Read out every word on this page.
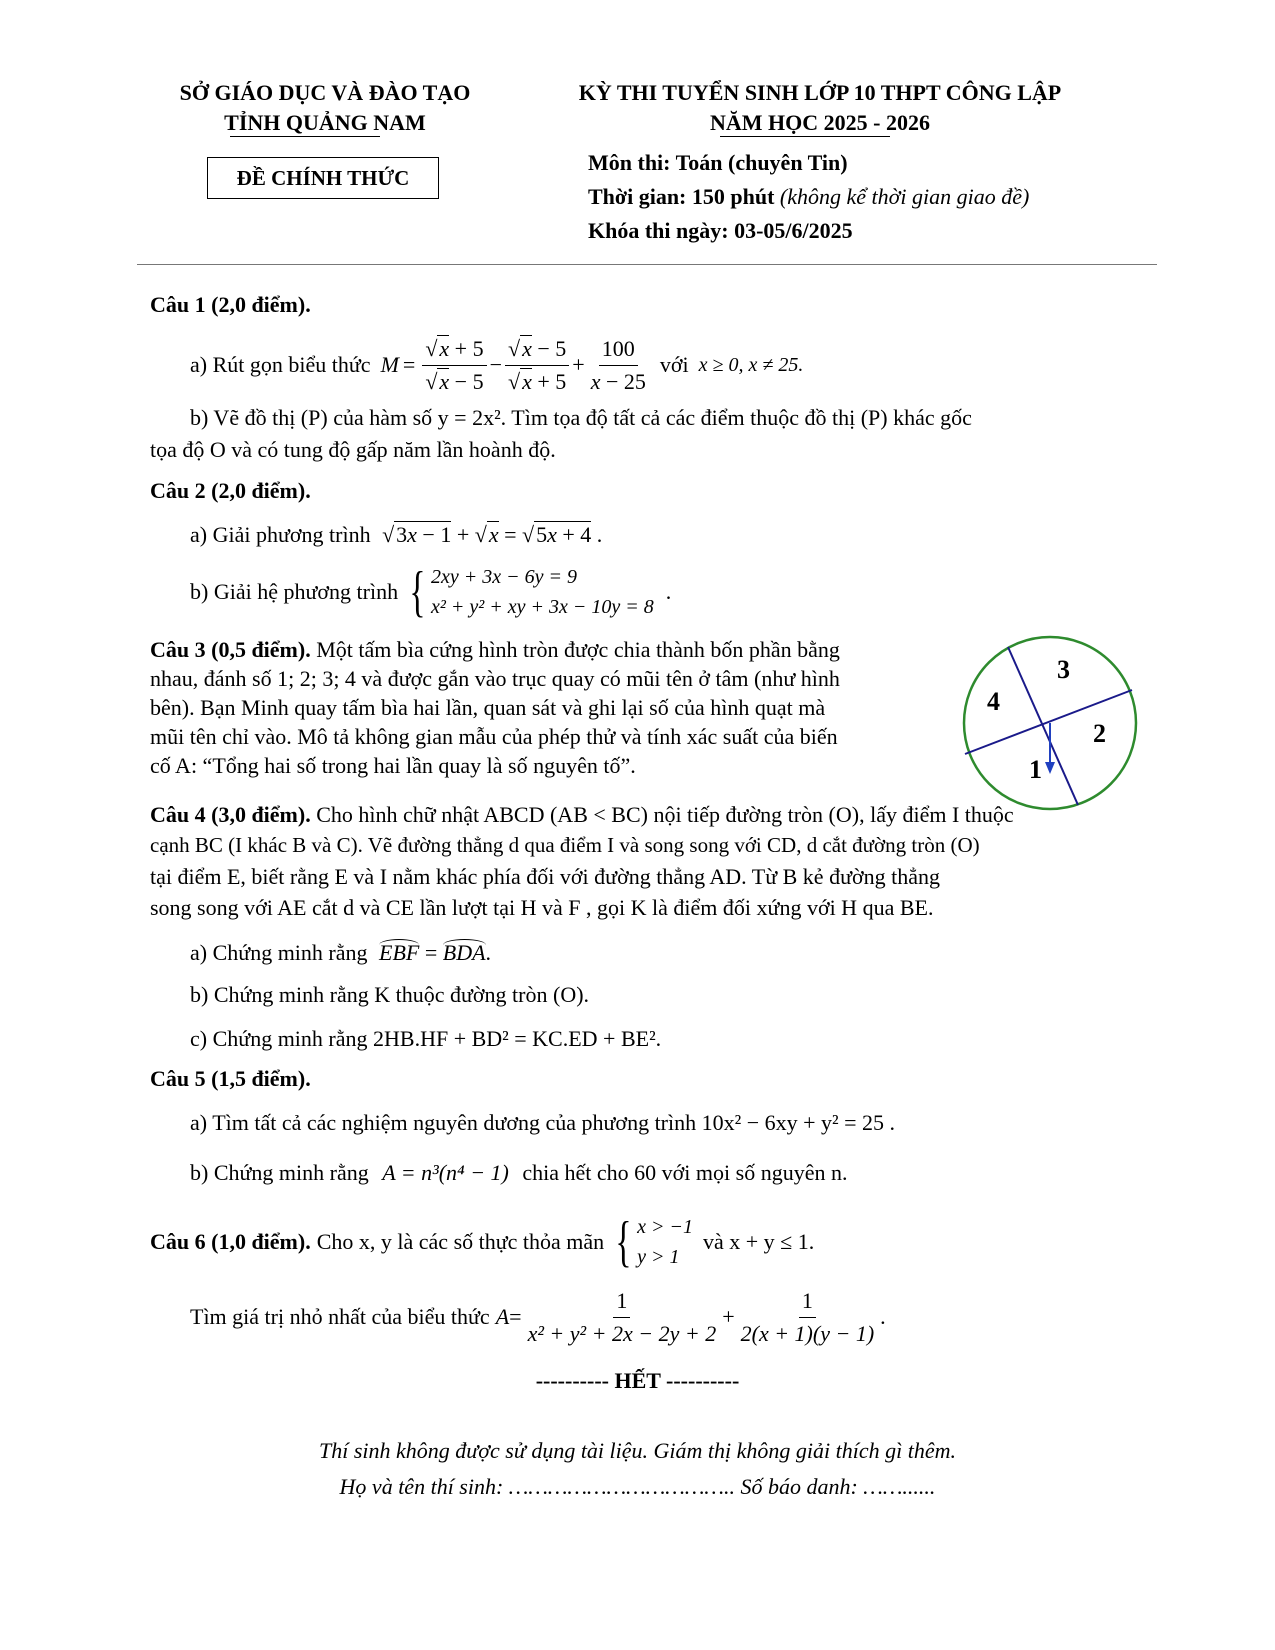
SỞ GIÁO DỤC VÀ ĐÀO TẠO
TỈNH QUẢNG NAM
KỲ THI TUYỂN SINH LỚP 10 THPT CÔNG LẬP
NĂM HỌC 2025 - 2026
ĐỀ CHÍNH THỨC
Môn thi: Toán (chuyên Tin)
Thời gian: 150 phút (không kể thời gian giao đề)
Khóa thi ngày: 03-05/6/2025
Câu 1 (2,0 điểm).
a) Rút gọn biểu thức $M = \frac{√x + 5}{√x - 5} - \frac{√x - 5}{√x + 5} + \frac{100}{x - 25}$ với x ≥ 0, x ≠ 25.
b) Vẽ đồ thị (P) của hàm số y = 2x². Tìm tọa độ tất cả các điểm thuộc đồ thị (P) khác gốc
tọa độ O và có tung độ gấp năm lần hoành độ.
Câu 2 (2,0 điểm).
a) Giải phương trình √3x − 1 + √x = √5x + 4 .
b) Giải hệ phương trình { 2xy + 3x − 6y = 9
x² + y² + xy + 3x − 10y = 8
.
Câu 3 (0,5 điểm). Một tấm bìa cứng hình tròn được chia thành bốn phần bằng
nhau, đánh số 1; 2; 3; 4 và được gắn vào trục quay có mũi tên ở tâm (như hình
bên). Bạn Minh quay tấm bìa hai lần, quan sát và ghi lại số của hình quạt mà
mũi tên chỉ vào. Mô tả không gian mẫu của phép thử và tính xác suất của biến
cố A: “Tổng hai số trong hai lần quay là số nguyên tố”.	1
2
3
4
Câu 4 (3,0 điểm). Cho hình chữ nhật ABCD (AB < BC) nội tiếp đường tròn (O), lấy điểm I thuộc
cạnh BC (I khác B và C). Vẽ đường thẳng d qua điểm I và song song với CD, d cắt đường tròn (O)
tại điểm E, biết rằng E và I nằm khác phía đối với đường thẳng AD. Từ B kẻ đường thẳng
song song với AE cắt d và CE lần lượt tại H và F , gọi K là điểm đối xứng với H qua BE.
a) Chứng minh rằng EBF = BDA.
b) Chứng minh rằng K thuộc đường tròn (O).
c) Chứng minh rằng 2HB.HF + BD² = KC.ED + BE².
Câu 5 (1,5 điểm).
a) Tìm tất cả các nghiệm nguyên dương của phương trình 10x² − 6xy + y² = 25 .
b) Chứng minh rằng A = n³(n⁴ − 1) chia hết cho 60 với mọi số nguyên n.
Câu 6 (1,0 điểm). Cho x, y là các số thực thỏa mãn { x > −1
y > 1
và x + y ≤ 1.
Tìm giá trị nhỏ nhất của biểu thức $A = \frac{1}{\text{x² + y² + 2x − 2y + 2}} + \frac{1}{2(x + 1)(y - 1)}$ .
---------- HẾT ----------
Thí sinh không được sử dụng tài liệu. Giám thị không giải thích gì thêm.
Họ và tên thí sinh: …………………………….. Số báo danh: ……......
